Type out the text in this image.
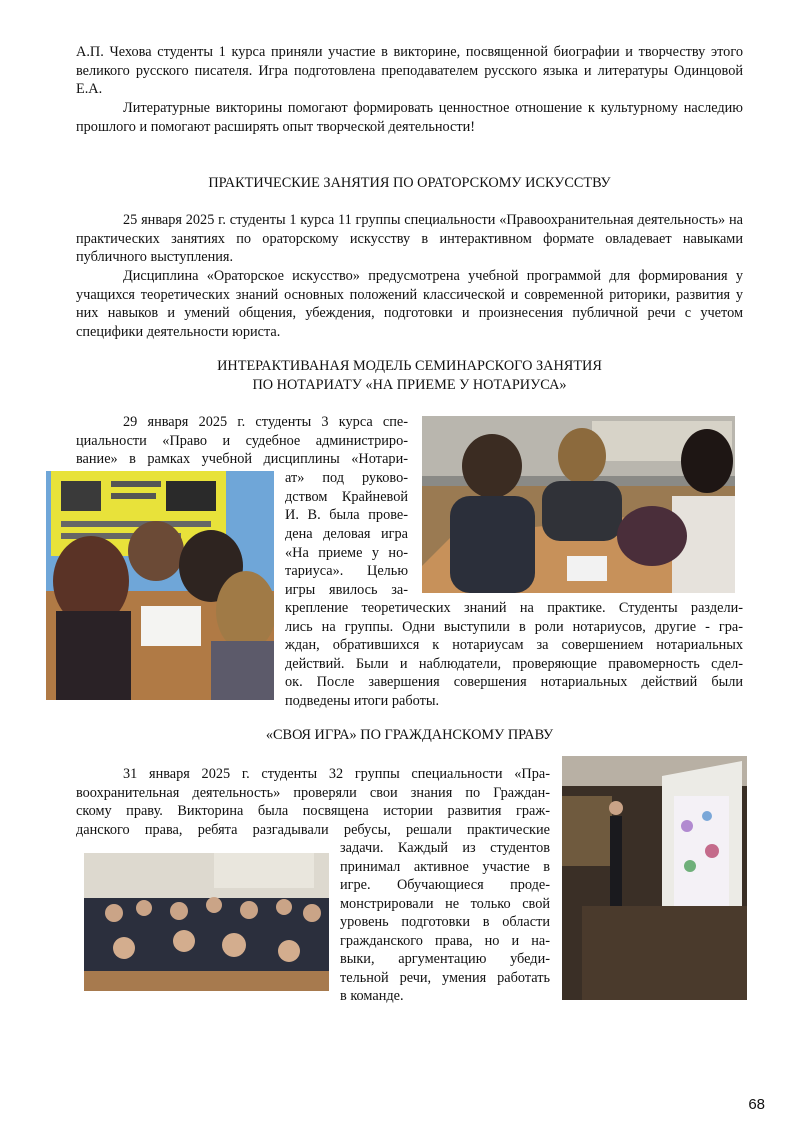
А.П. Чехова студенты 1 курса приняли участие в викторине, посвященной биографии и творчеству этого великого русского писателя. Игра подготовлена преподавателем русского языка и литературы Одинцовой Е.А.

Литературные викторины помогают формировать ценностное отношение к культурному наследию прошлого и помогают расширять опыт творческой деятельности!

ПРАКТИЧЕСКИЕ ЗАНЯТИЯ ПО ОРАТОРСКОМУ ИСКУССТВУ

25 января 2025 г. студенты 1 курса 11 группы специальности «Правоохранительная деятельность» на практических занятиях по ораторскому искусству в интерактивном формате овладевает навыками публичного выступления.

Дисциплина «Ораторское искусство» предусмотрена учебной программой для формирования у учащихся теоретических знаний основных положений классической и современной риторики, развития у них навыков и умений общения, убеждения, подготовки и произнесения публичной речи с учетом специфики деятельности юриста.

ИНТЕРАКТИВАНАЯ МОДЕЛЬ СЕМИНАРСКОГО ЗАНЯТИЯ

ПО НОТАРИАТУ «НА ПРИЕМЕ У НОТАРИУСА»

29 января 2025 г. студенты 3 курса спе-
циальности «Право и судебное администриро-
вание» в рамках учебной дисциплины «Нотари-
ат» под руково-
дством Крайневой
И. В. была прове-
дена деловая игра
«На приеме у но-
тариуса». Целью
игры явилось за-
крепление теоретических знаний на практике. Студенты раздели-
лись на группы. Одни выступили в роли нотариусов, другие - гра-
ждан, обратившихся к нотариусам за совершением нотариальных
действий. Были и наблюдатели, проверяющие правомерность сдел-
ок. После завершения совершения нотариальных действий были
подведены итоги работы.

«СВОЯ ИГРА» ПО ГРАЖДАНСКОМУ ПРАВУ

31 января 2025 г. студенты 32 группы специальности «Пра-
воохранительная деятельность» проверяли свои знания по Граждан-
скому праву. Викторина была посвящена истории развития граж-
данского права, ребята разгадывали ребусы, решали практические
задачи. Каждый из студентов
принимал активное участие в
игре. Обучающиеся проде-
монстрировали не только свой
уровень подготовки в области
гражданского права, но и на-
выки, аргументацию убеди-
тельной речи, умения работать
в команде.
68
